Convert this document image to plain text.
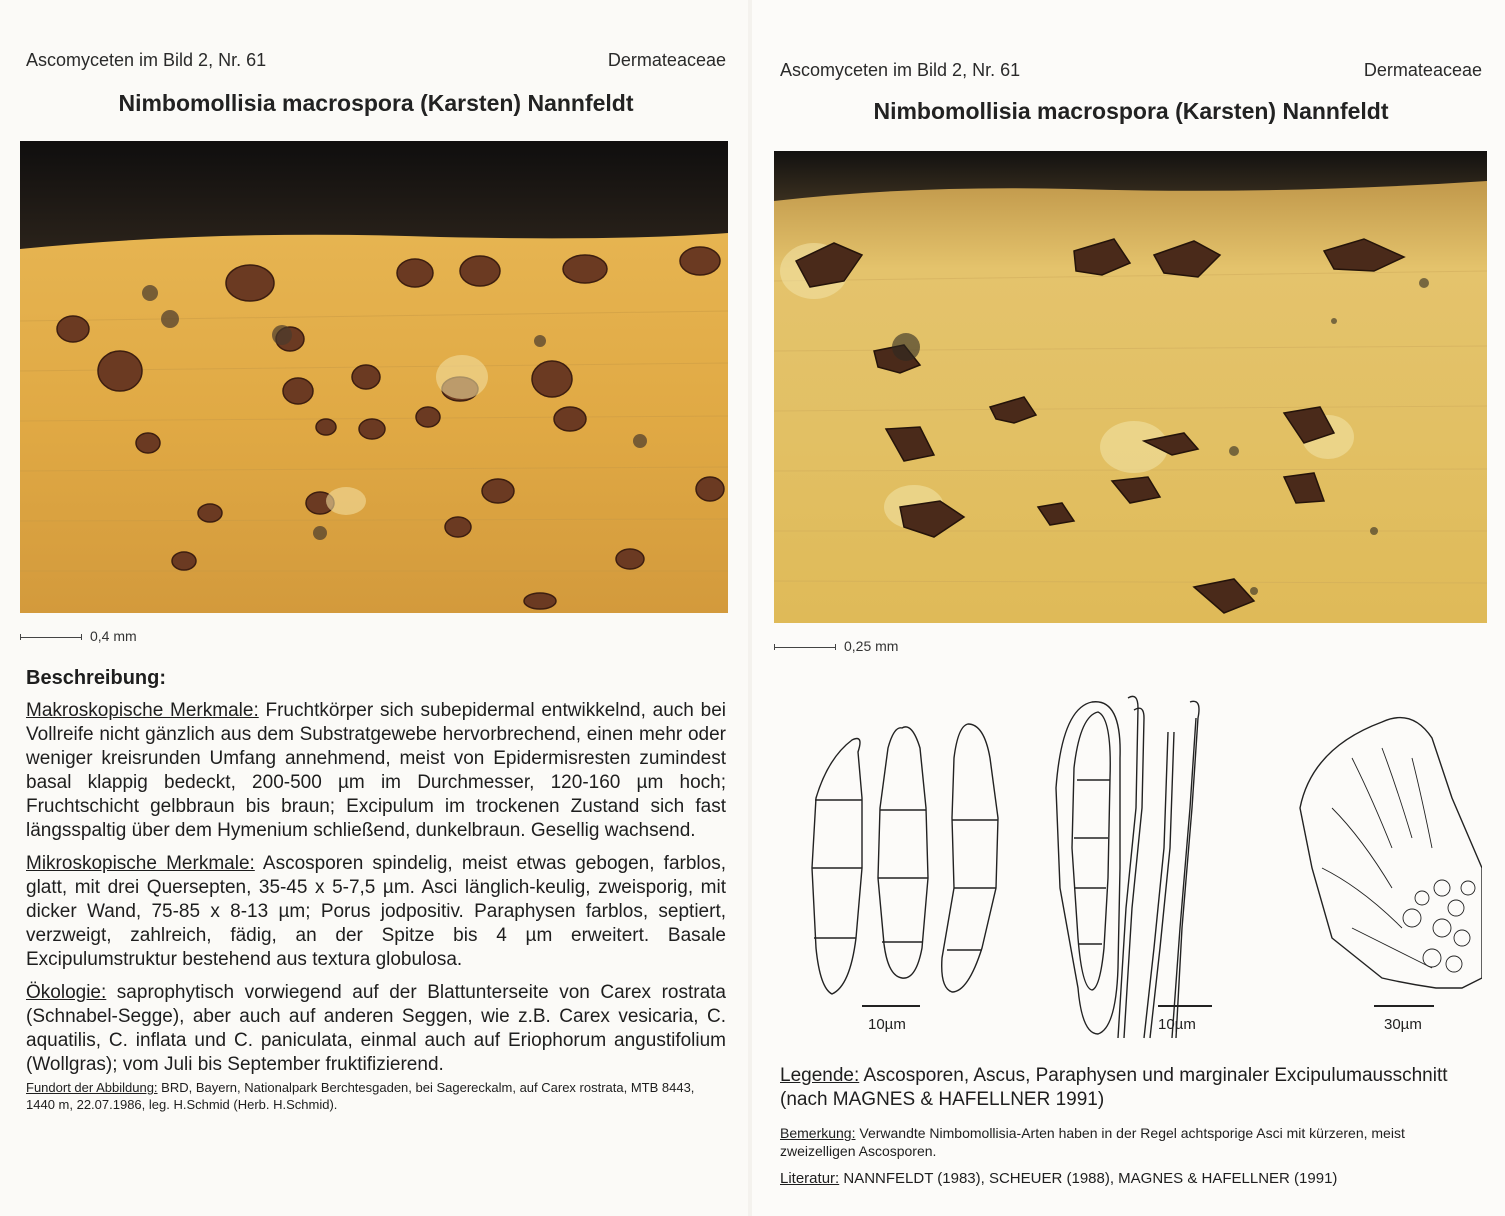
Ascomyceten im Bild 2, Nr. 61	Dermateaceae
Nimbomollisia macrospora (Karsten) Nannfeldt
0,4 mm
Beschreibung:

Makroskopische Merkmale: Fruchtkörper sich subepidermal entwikkelnd, auch bei Vollreife nicht gänzlich aus dem Substratgewebe hervorbrechend, einen mehr oder weniger kreisrunden Umfang annehmend, meist von Epidermisresten zumindest basal klappig bedeckt, 200-500 µm im Durchmesser, 120-160 µm hoch; Fruchtschicht gelbbraun bis braun; Excipulum im trockenen Zustand sich fast längsspaltig über dem Hymenium schließend, dunkelbraun. Gesellig wachsend.

Mikroskopische Merkmale: Ascosporen spindelig, meist etwas gebogen, farblos, glatt, mit drei Quersepten, 35-45 x 5-7,5 µm. Asci länglich-keulig, zweisporig, mit dicker Wand, 75-85 x 8-13 µm; Porus jodpositiv. Paraphysen farblos, septiert, verzweigt, zahlreich, fädig, an der Spitze bis 4 µm erweitert. Basale Excipulumstruktur bestehend aus textura globulosa.

Ökologie: saprophytisch vorwiegend auf der Blattunterseite von Carex rostrata (Schnabel-Segge), aber auch auf anderen Seggen, wie z.B. Carex vesicaria, C. aquatilis, C. inflata und C. paniculata, einmal auch auf Eriophorum angustifolium (Wollgras); vom Juli bis September fruktifizierend.

Fundort der Abbildung: BRD, Bayern, Nationalpark Berchtesgaden, bei Sagereckalm, auf Carex rostrata, MTB 8443, 1440 m, 22.07.1986, leg. H.Schmid (Herb. H.Schmid).

Ascomyceten im Bild 2, Nr. 61	Dermateaceae
Nimbomollisia macrospora (Karsten) Nannfeldt
0,25 mm
10µm	10µm	30µm

Legende: Ascosporen, Ascus, Paraphysen und marginaler Excipulumausschnitt (nach MAGNES & HAFELLNER 1991)

Bemerkung: Verwandte Nimbomollisia-Arten haben in der Regel achtsporige Asci mit kürzeren, meist zweizelligen Ascosporen.

Literatur: NANNFELDT (1983), SCHEUER (1988), MAGNES & HAFELLNER (1991)
